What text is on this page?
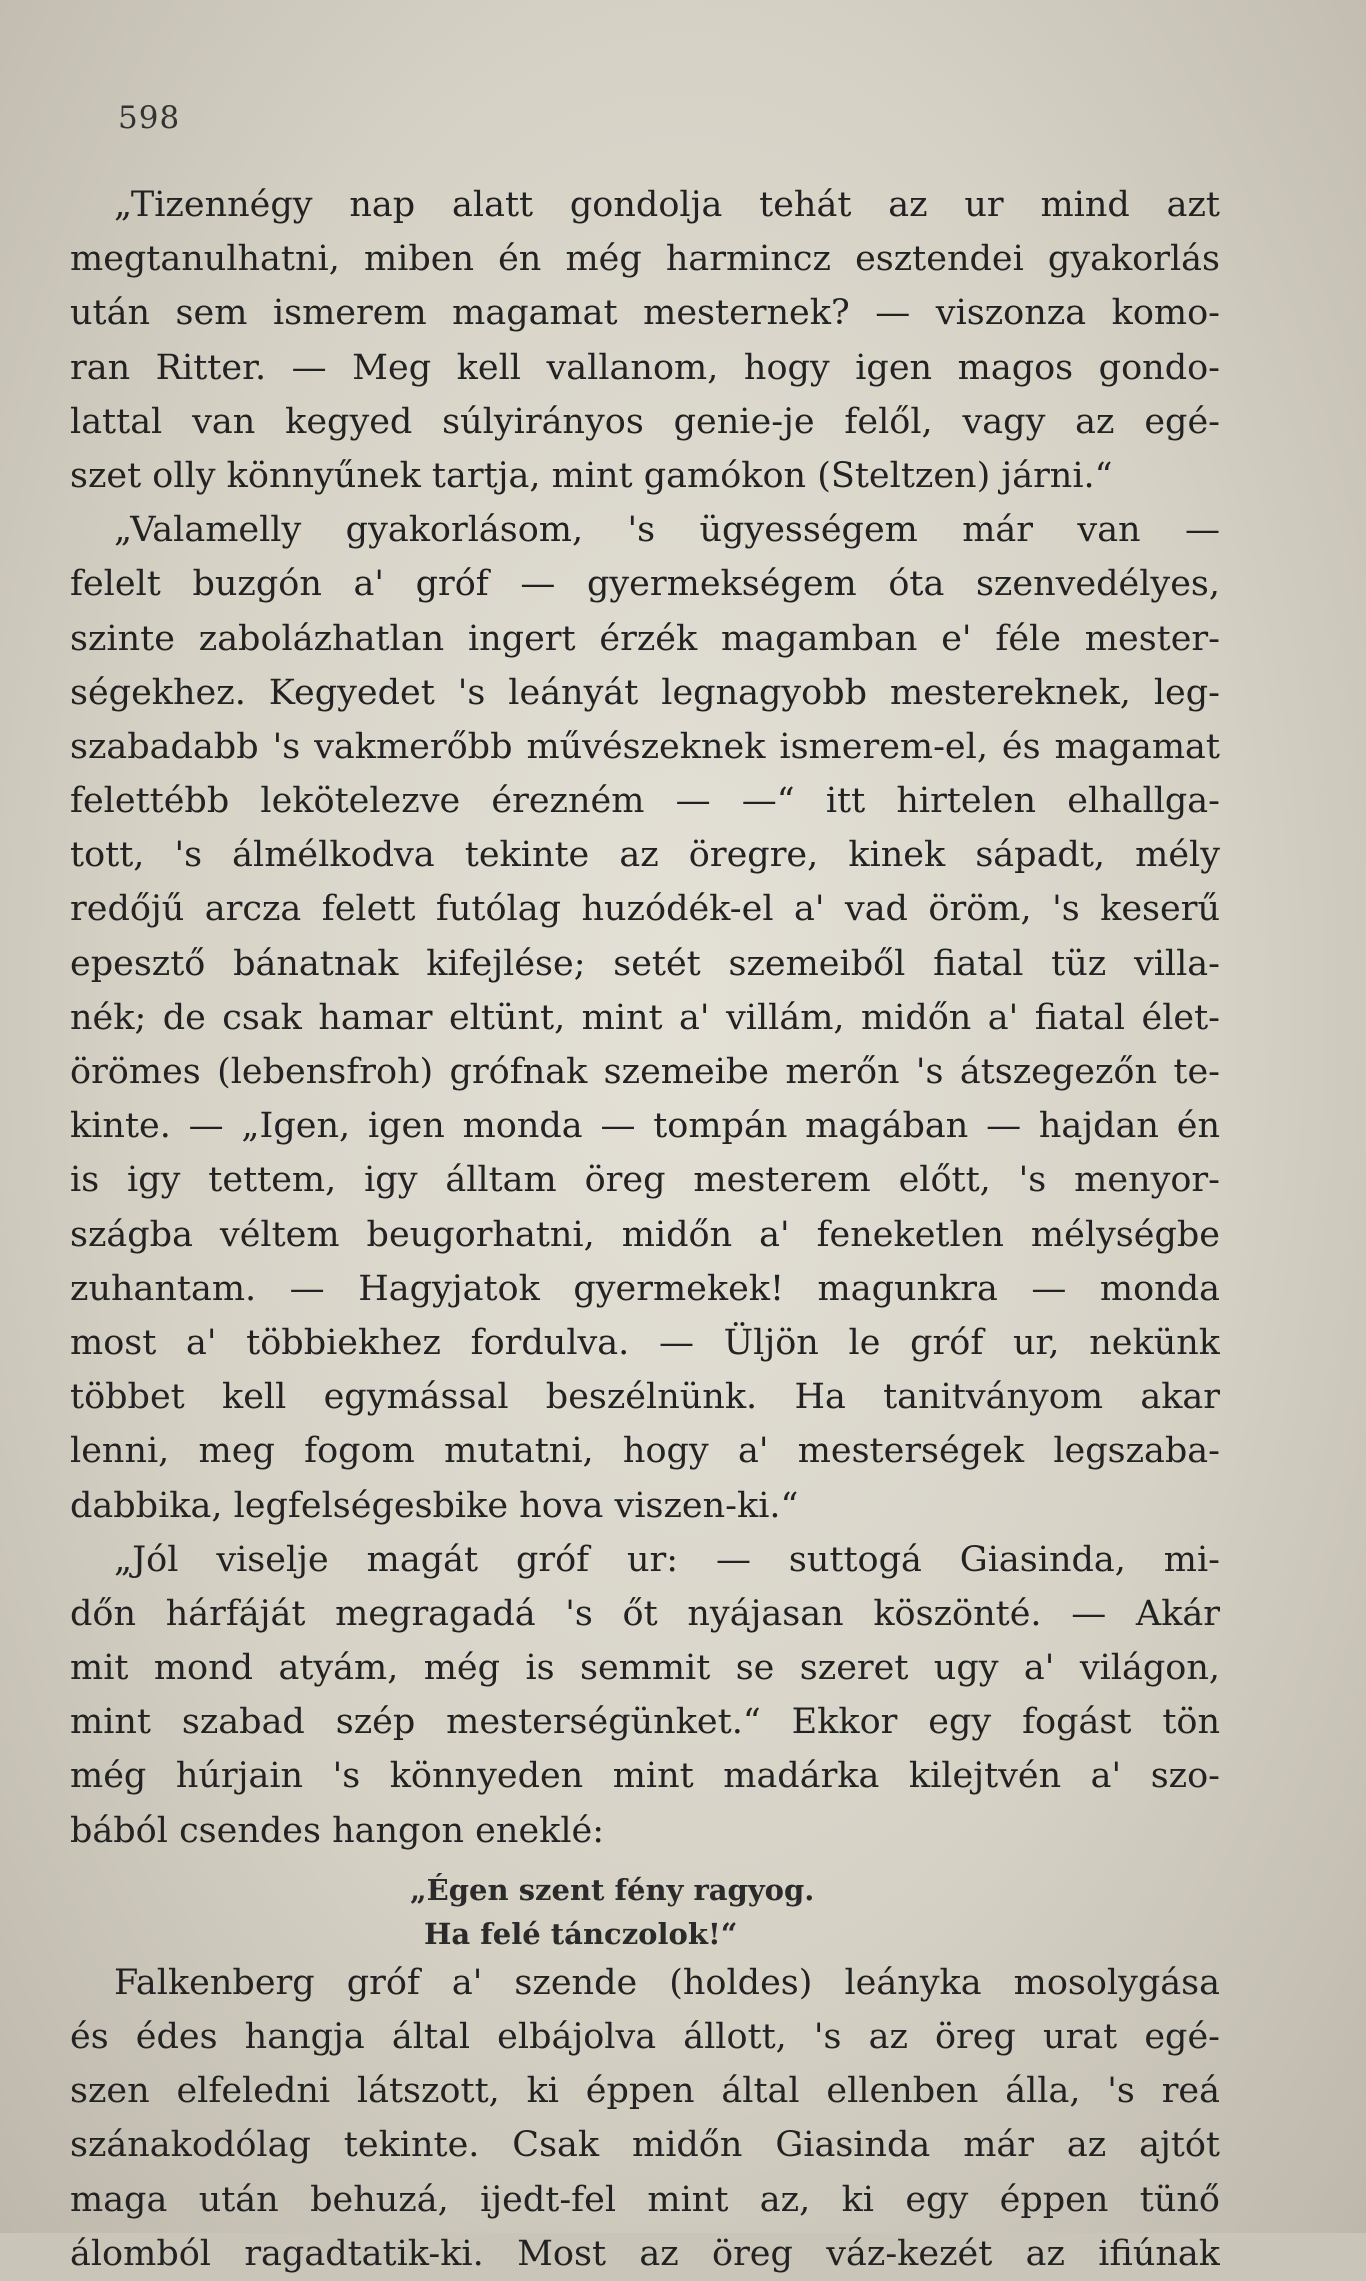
598
„Tizennégy nap alatt gondolja tehát az ur mind azt
megtanulhatni, miben én még harmincz esztendei gyakorlás
után sem ismerem magamat mesternek? — viszonza komo-
ran Ritter. — Meg kell vallanom, hogy igen magos gondo-
lattal van kegyed súlyirányos genie-je felől, vagy az egé-
szet olly könnyűnek tartja, mint gamókon (Steltzen) járni.“
„Valamelly gyakorlásom, 's ügyességem már van —
felelt buzgón a' gróf — gyermekségem óta szenvedélyes,
szinte zabolázhatlan ingert érzék magamban e' féle mester-
ségekhez. Kegyedet 's leányát legnagyobb mestereknek, leg-
szabadabb 's vakmerőbb művészeknek ismerem-el, és magamat
felettébb lekötelezve érezném — —“ itt hirtelen elhallga-
tott, 's álmélkodva tekinte az öregre, kinek sápadt, mély
redőjű arcza felett futólag huzódék-el a' vad öröm, 's keserű
epesztő bánatnak kifejlése; setét szemeiből fiatal tüz villa-
nék; de csak hamar eltünt, mint a' villám, midőn a' fiatal élet-
örömes (lebensfroh) grófnak szemeibe merőn 's átszegezőn te-
kinte. — „Igen, igen monda — tompán magában — hajdan én
is igy tettem, igy álltam öreg mesterem előtt, 's menyor-
szágba véltem beugorhatni, midőn a' feneketlen mélységbe
zuhantam. — Hagyjatok gyermekek! magunkra — monda
most a' többiekhez fordulva. — Üljön le gróf ur, nekünk
többet kell egymással beszélnünk. Ha tanitványom akar
lenni, meg fogom mutatni, hogy a' mesterségek legszaba-
dabbika, legfelségesbike hova viszen-ki.“
„Jól viselje magát gróf ur: — suttogá Giasinda, mi-
dőn hárfáját megragadá 's őt nyájasan köszönté. — Akár
mit mond atyám, még is semmit se szeret ugy a' világon,
mint szabad szép mesterségünket.“ Ekkor egy fogást tön
még húrjain 's könnyeden mint madárka kilejtvén a' szo-
bából csendes hangon eneklé:
„Égen szent fény ragyog.
Ha felé tánczolok!“
Falkenberg gróf a' szende (holdes) leányka mosolygása
és édes hangja által elbájolva állott, 's az öreg urat egé-
szen elfeledni látszott, ki éppen által ellenben álla, 's reá
szánakodólag tekinte. Csak midőn Giasinda már az ajtót
maga után behuzá, ijedt-fel mint az, ki egy éppen tünő
álomból ragadtatik-ki. Most az öreg váz-kezét az ifiúnak
